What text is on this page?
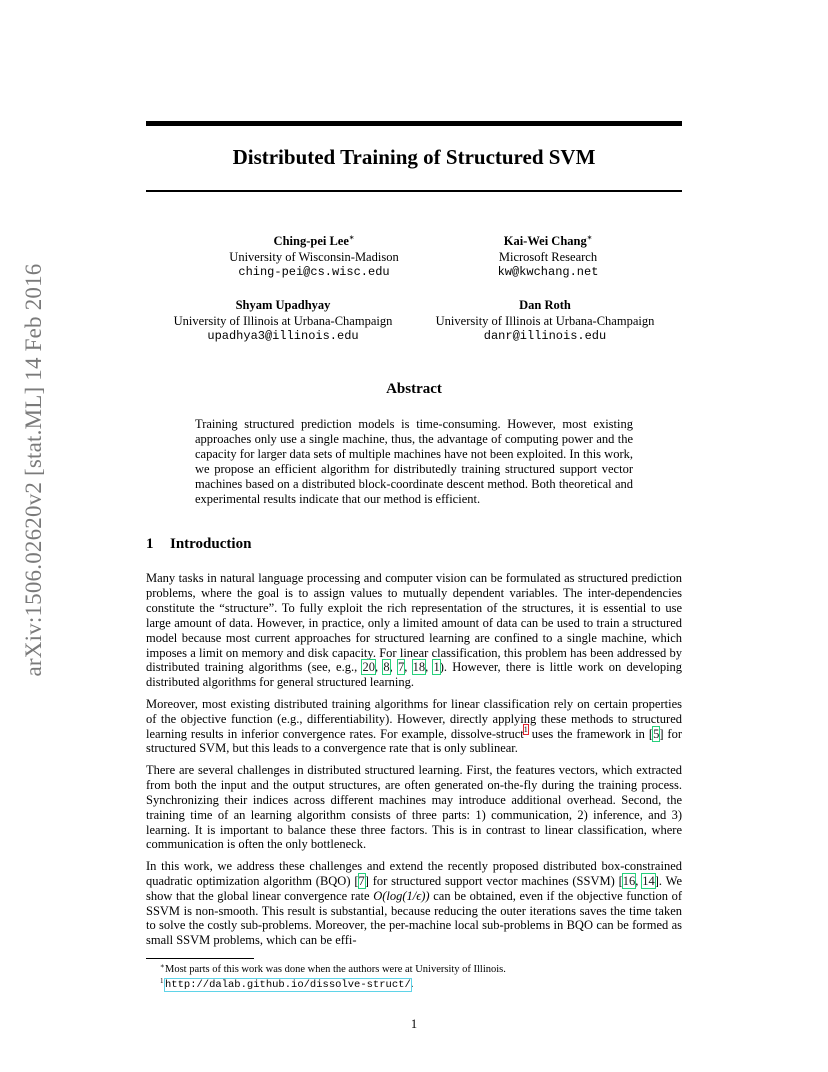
arXiv:1506.02620v2 [stat.ML] 14 Feb 2016
Distributed Training of Structured SVM
Ching-pei Lee∗
University of Wisconsin-Madison
ching-pei@cs.wisc.edu
Kai-Wei Chang∗
Microsoft Research
kw@kwchang.net
Shyam Upadhyay
University of Illinois at Urbana-Champaign
upadhya3@illinois.edu
Dan Roth
University of Illinois at Urbana-Champaign
danr@illinois.edu
Abstract

Training structured prediction models is time-consuming. However, most existing approaches only use a single machine, thus, the advantage of computing power and the capacity for larger data sets of multiple machines have not been exploited. In this work, we propose an efficient algorithm for distributedly training structured support vector machines based on a distributed block-coordinate descent method. Both theoretical and experimental results indicate that our method is efficient.

1 Introduction

Many tasks in natural language processing and computer vision can be formulated as structured prediction problems, where the goal is to assign values to mutually dependent variables. The inter-dependencies constitute the “structure”. To fully exploit the rich representation of the structures, it is essential to use large amount of data. However, in practice, only a limited amount of data can be used to train a structured model because most current approaches for structured learning are confined to a single machine, which imposes a limit on memory and disk capacity. For linear classification, this problem has been addressed by distributed training algorithms (see, e.g., 20, 8, 7, 18, 1). However, there is little work on developing distributed algorithms for general structured learning.

Moreover, most existing distributed training algorithms for linear classification rely on certain properties of the objective function (e.g., differentiability). However, directly applying these methods to structured learning results in inferior convergence rates. For example, dissolve-struct$^1$ uses the framework in [5] for structured SVM, but this leads to a convergence rate that is only sublinear.

There are several challenges in distributed structured learning. First, the features vectors, which extracted from both the input and the output structures, are often generated on-the-fly during the training process. Synchronizing their indices across different machines may introduce additional overhead. Second, the training time of an learning algorithm consists of three parts: 1) communication, 2) inference, and 3) learning. It is important to balance these three factors. This is in contrast to linear classification, where communication is often the only bottleneck.

In this work, we address these challenges and extend the recently proposed distributed box-constrained quadratic optimization algorithm (BQO) [7] for structured support vector machines (SSVM) [16, 14]. We show that the global linear convergence rate O(log(1/ϵ)) can be obtained, even if the objective function of SSVM is non-smooth. This result is substantial, because reducing the outer iterations saves the time taken to solve the costly sub-problems. Moreover, the per-machine local sub-problems in BQO can be formed as small SSVM problems, which can be effi-

∗ Most parts of this work was done when the authors were at University of Illinois.
1 http://dalab.github.io/dissolve-struct/.
1
